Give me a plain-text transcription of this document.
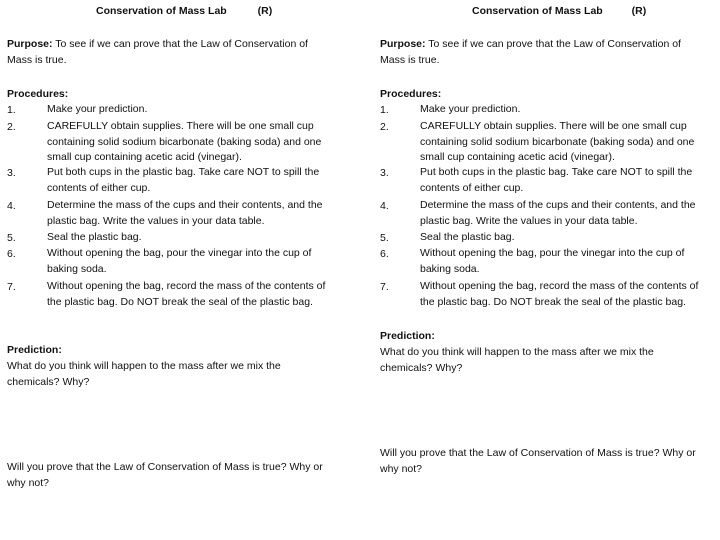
Conservation of Mass Lab	(R)
Purpose: To see if we can prove that the Law of Conservation of Mass is true.
Procedures:
1.	Make your prediction.
2.	CAREFULLY obtain supplies. There will be one small cup containing solid sodium bicarbonate (baking soda) and one small cup containing acetic acid (vinegar).
3.	Put both cups in the plastic bag. Take care NOT to spill the contents of either cup.
4.	Determine the mass of the cups and their contents, and the plastic bag. Write the values in your data table.
5.	Seal the plastic bag.
6.	Without opening the bag, pour the vinegar into the cup of baking soda.
7.	Without opening the bag, record the mass of the contents of the plastic bag. Do NOT break the seal of the plastic bag.
Prediction:
What do you think will happen to the mass after we mix the chemicals? Why?
Will you prove that the Law of Conservation of Mass is true? Why or why not?
Conservation of Mass Lab	(R)
Purpose: To see if we can prove that the Law of Conservation of Mass is true.
Procedures:
1.	Make your prediction.
2.	CAREFULLY obtain supplies. There will be one small cup containing solid sodium bicarbonate (baking soda) and one small cup containing acetic acid (vinegar).
3.	Put both cups in the plastic bag. Take care NOT to spill the contents of either cup.
4.	Determine the mass of the cups and their contents, and the plastic bag. Write the values in your data table.
5.	Seal the plastic bag.
6.	Without opening the bag, pour the vinegar into the cup of baking soda.
7.	Without opening the bag, record the mass of the contents of the plastic bag. Do NOT break the seal of the plastic bag.
Prediction:
What do you think will happen to the mass after we mix the chemicals? Why?
Will you prove that the Law of Conservation of Mass is true? Why or why not?
